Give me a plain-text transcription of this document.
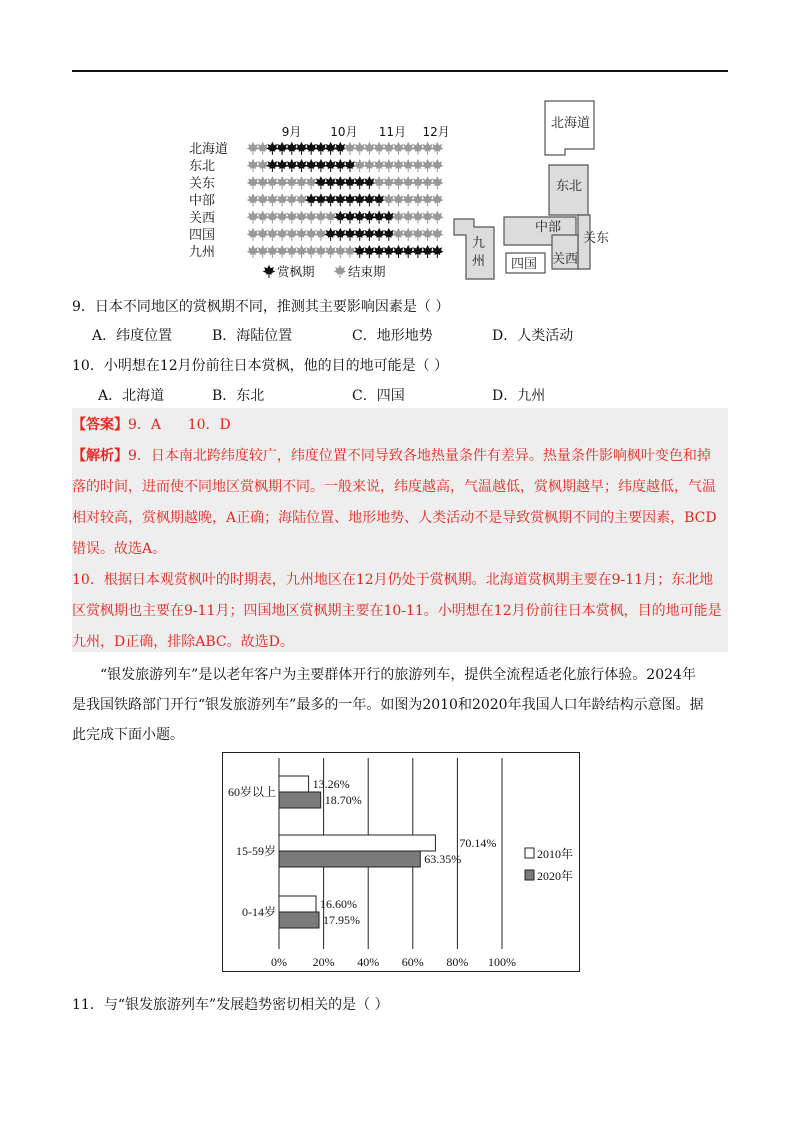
9月 10月 11月 12月
北海道
东北
关东
中部
关西
四国
九州
赏枫期	结束期
北海道
东北
中部
关东
九
州 四国 关西
9．日本不同地区的赏枫期不同，推测其主要影响因素是（ ）
A．纬度位置	B．海陆位置	C．地形地势	D．人类活动
10．小明想在12月份前往日本赏枫，他的目的地可能是（ ）
A．北海道	B．东北	C．四国	D．九州
【答案】9．A      10．D
【解析】9．日本南北跨纬度较广，纬度位置不同导致各地热量条件有差异。热量条件影响枫叶变色和掉
落的时间，进而使不同地区赏枫期不同。一般来说，纬度越高，气温越低，赏枫期越早；纬度越低，气温
相对较高，赏枫期越晚，A正确；海陆位置、地形地势、人类活动不是导致赏枫期不同的主要因素，BCD
错误。故选A。
10．根据日本观赏枫叶的时期表，九州地区在12月仍处于赏枫期。北海道赏枫期主要在9-11月；东北地
区赏枫期也主要在9-11月；四国地区赏枫期主要在10-11。小明想在12月份前往日本赏枫，目的地可能是
九州，D正确，排除ABC。故选D。
“银发旅游列车”是以老年客户为主要群体开行的旅游列车，提供全流程适老化旅行体验。2024年
是我国铁路部门开行“银发旅游列车”最多的一年。如图为2010和2020年我国人口年龄结构示意图。据
此完成下面小题。
0% 20% 40% 60% 80% 100%
60岁以上
13.26%
18.70%
15-59岁
70.14%
63.35%
0-14岁
16.60%
17.95%
2010年
2020年
11．与“银发旅游列车”发展趋势密切相关的是（ ）
